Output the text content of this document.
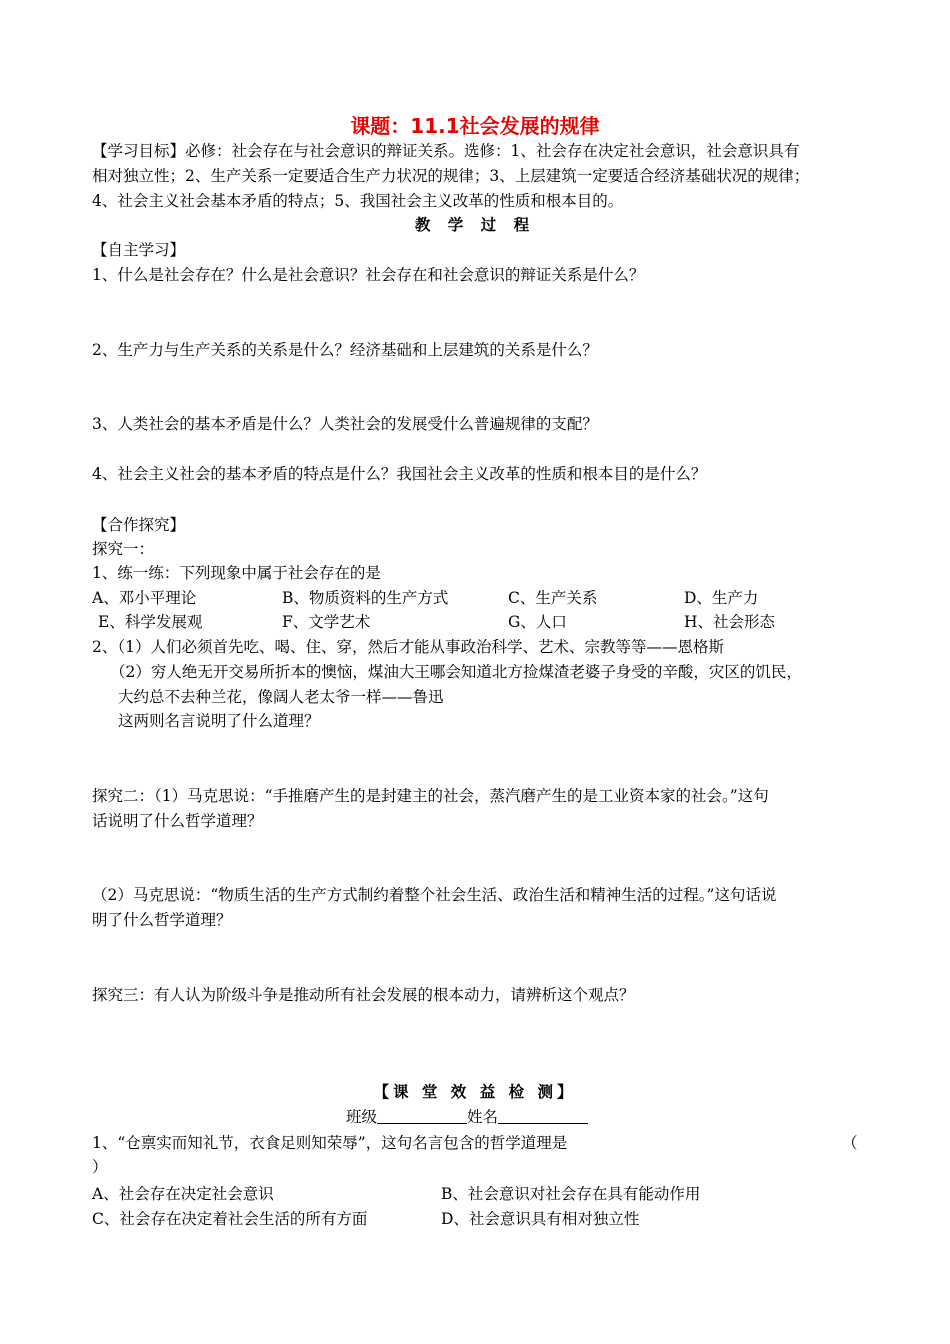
课题：11.1社会发展的规律
【学习目标】必修：社会存在与社会意识的辩证关系。选修：1、社会存在决定社会意识，社会意识具有
相对独立性；2、生产关系一定要适合生产力状况的规律；3、上层建筑一定要适合经济基础状况的规律；
4、社会主义社会基本矛盾的特点；5、我国社会主义改革的性质和根本目的。
教 学 过 程
【自主学习】
1、什么是社会存在？什么是社会意识？社会存在和社会意识的辩证关系是什么？
2、生产力与生产关系的关系是什么？经济基础和上层建筑的关系是什么？
3、人类社会的基本矛盾是什么？人类社会的发展受什么普遍规律的支配？
4、社会主义社会的基本矛盾的特点是什么？我国社会主义改革的性质和根本目的是什么？
【合作探究】
探究一：
1、练一练：下列现象中属于社会存在的是
A、邓小平理论	B、物质资料的生产方式	C、生产关系	D、生产力
E、科学发展观	F、文学艺术	G、人口	H、社会形态
2、（1）人们必须首先吃、喝、住、穿，然后才能从事政治科学、艺术、宗教等等——恩格斯
（2）穷人绝无开交易所折本的懊恼，煤油大王哪会知道北方捡煤渣老婆子身受的辛酸，灾区的饥民，
大约总不去种兰花，像阔人老太爷一样——鲁迅
这两则名言说明了什么道理？
探究二：（1）马克思说：“手推磨产生的是封建主的社会，蒸汽磨产生的是工业资本家的社会。”这句
话说明了什么哲学道理？
（2）马克思说：“物质生活的生产方式制约着整个社会生活、政治生活和精神生活的过程。”这句话说
明了什么哲学道理？
探究三：有人认为阶级斗争是推动所有社会发展的根本动力，请辨析这个观点？
【课 堂 效 益 检 测】
班级	姓名
1、“仓禀实而知礼节，衣食足则知荣辱”，这句名言包含的哲学道理是	（
）
A、社会存在决定社会意识	B、社会意识对社会存在具有能动作用
C、社会存在决定着社会生活的所有方面	D、社会意识具有相对独立性
